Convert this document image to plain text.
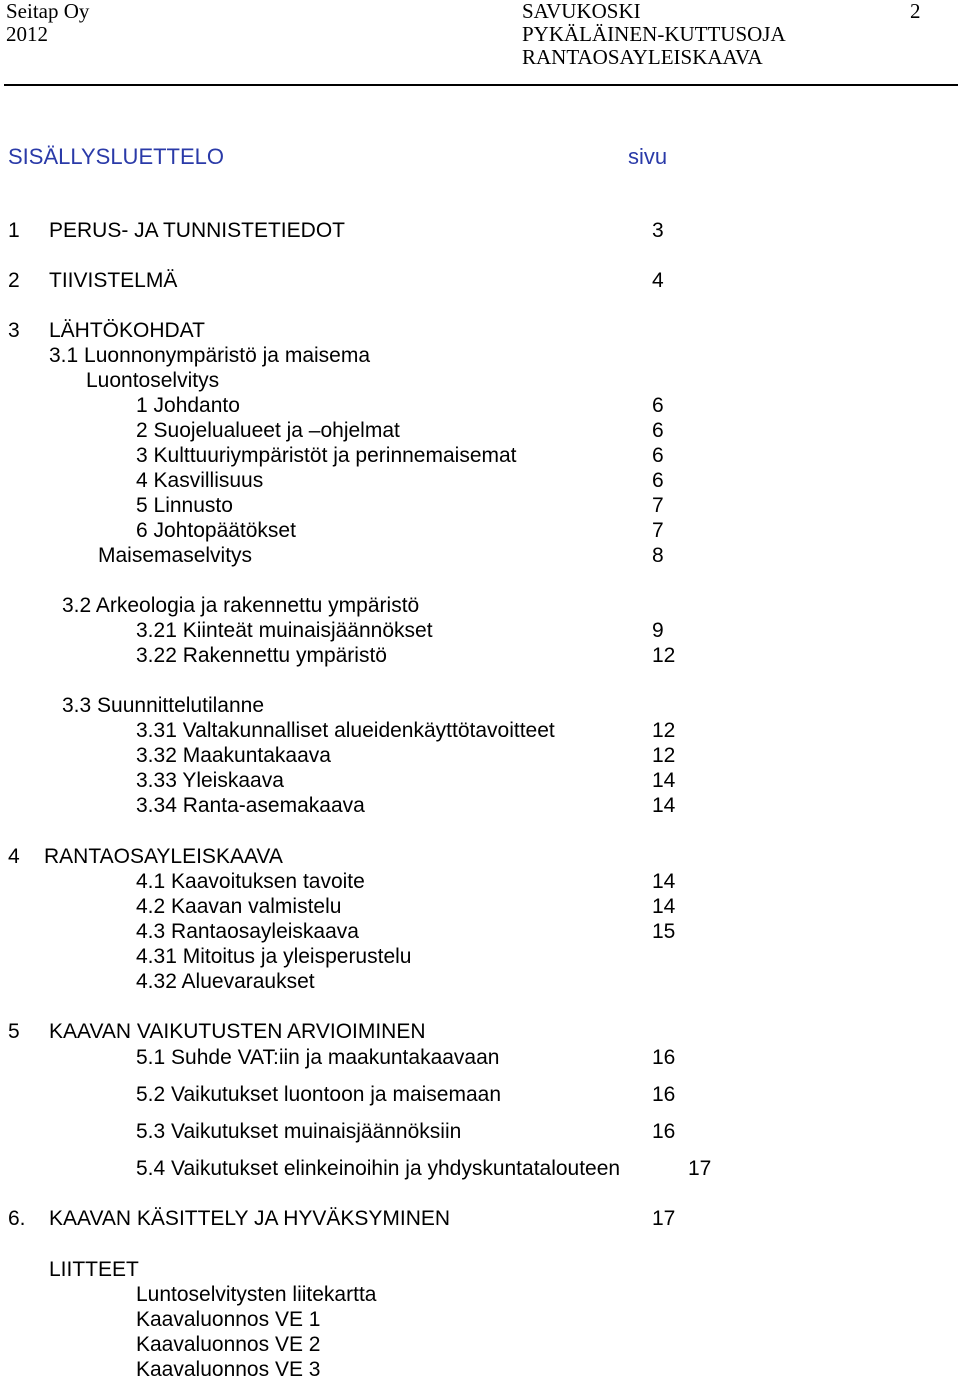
Seitap Oy
2012
SAVUKOSKI
PYKÄLÄINEN-KUTTUSOJA
RANTAOSAYLEISKAAVA
2
SISÄLLYSLUETTELO	sivu
1 PERUS- JA TUNNISTETIEDOT	3
2 TIIVISTELMÄ	4
3 LÄHTÖKOHDAT
3.1 Luonnonympäristö ja maisema
Luontoselvitys
1 Johdanto	6
2 Suojelualueet ja –ohjelmat	6
3 Kulttuuriympäristöt ja perinnemaisemat	6
4 Kasvillisuus	6
5 Linnusto	7
6 Johtopäätökset	7
Maisemaselvitys	8
3.2 Arkeologia ja rakennettu ympäristö
3.21 Kiinteät muinaisjäännökset	9
3.22 Rakennettu ympäristö	12
3.3 Suunnittelutilanne
3.31 Valtakunnalliset alueidenkäyttötavoitteet	12
3.32 Maakuntakaava	12
3.33 Yleiskaava	14
3.34 Ranta-asemakaava	14
4 RANTAOSAYLEISKAAVA
4.1 Kaavoituksen tavoite	14
4.2 Kaavan valmistelu	14
4.3 Rantaosayleiskaava	15
4.31 Mitoitus ja yleisperustelu
4.32 Aluevaraukset
5 KAAVAN VAIKUTUSTEN ARVIOIMINEN
5.1 Suhde VAT:iin ja maakuntakaavaan	16
5.2 Vaikutukset luontoon ja maisemaan	16
5.3 Vaikutukset muinaisjäännöksiin	16
5.4 Vaikutukset elinkeinoihin ja yhdyskuntatalouteen	17
6. KAAVAN KÄSITTELY JA HYVÄKSYMINEN	17
LIITTEET
Luntoselvitysten liitekartta
Kaavaluonnos VE 1
Kaavaluonnos VE 2
Kaavaluonnos VE 3
